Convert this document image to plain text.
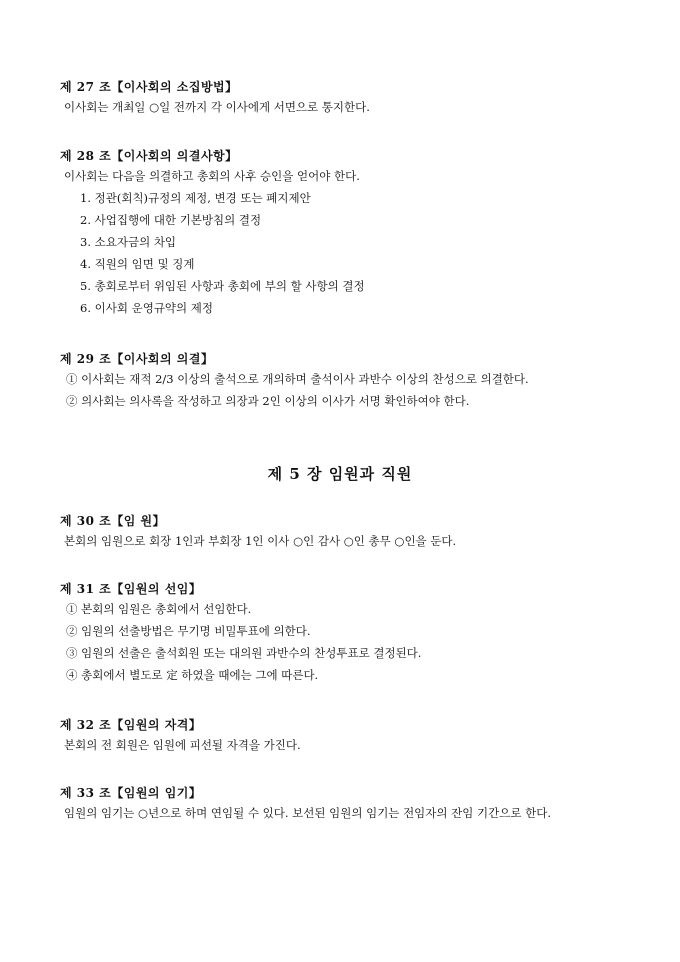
제 27 조【이사회의 소집방법】
이사회는 개최일 ○일 전까지 각 이사에게 서면으로 통지한다.
제 28 조【이사회의 의결사항】
이사회는 다음을 의결하고 총회의 사후 승인을 얻어야 한다.
1. 정관(회칙)규정의 제정, 변경 또는 폐지제안
2. 사업집행에 대한 기본방침의 결정
3. 소요자금의 차입
4. 직원의 임면 및 징계
5. 총회로부터 위임된 사항과 총회에 부의 할 사항의 결정
6. 이사회 운영규약의 제정
제 29 조【이사회의 의결】
① 이사회는 재적 2/3 이상의 출석으로 개의하며 출석이사 과반수 이상의 찬성으로 의결한다.
② 의사회는 의사록을 작성하고 의장과 2인 이상의 이사가 서명 확인하여야 한다.
제 5 장 임원과 직원
제 30 조【임 원】
본회의 임원으로 회장 1인과 부회장 1인 이사 ○인 감사 ○인 총무 ○인을 둔다.
제 31 조【임원의 선임】
① 본회의 임원은 총회에서 선임한다.
② 임원의 선출방법은 무기명 비밀투표에 의한다.
③ 임원의 선출은 출석회원 또는 대의원 과반수의 찬성투표로 결정된다.
④ 총회에서 별도로 定 하였을 때에는 그에 따른다.
제 32 조【임원의 자격】
본회의 전 회원은 임원에 피선될 자격을 가진다.
제 33 조【임원의 임기】
임원의 임기는 ○년으로 하며 연임될 수 있다. 보선된 임원의 임기는 전임자의 잔임 기간으로 한다.
